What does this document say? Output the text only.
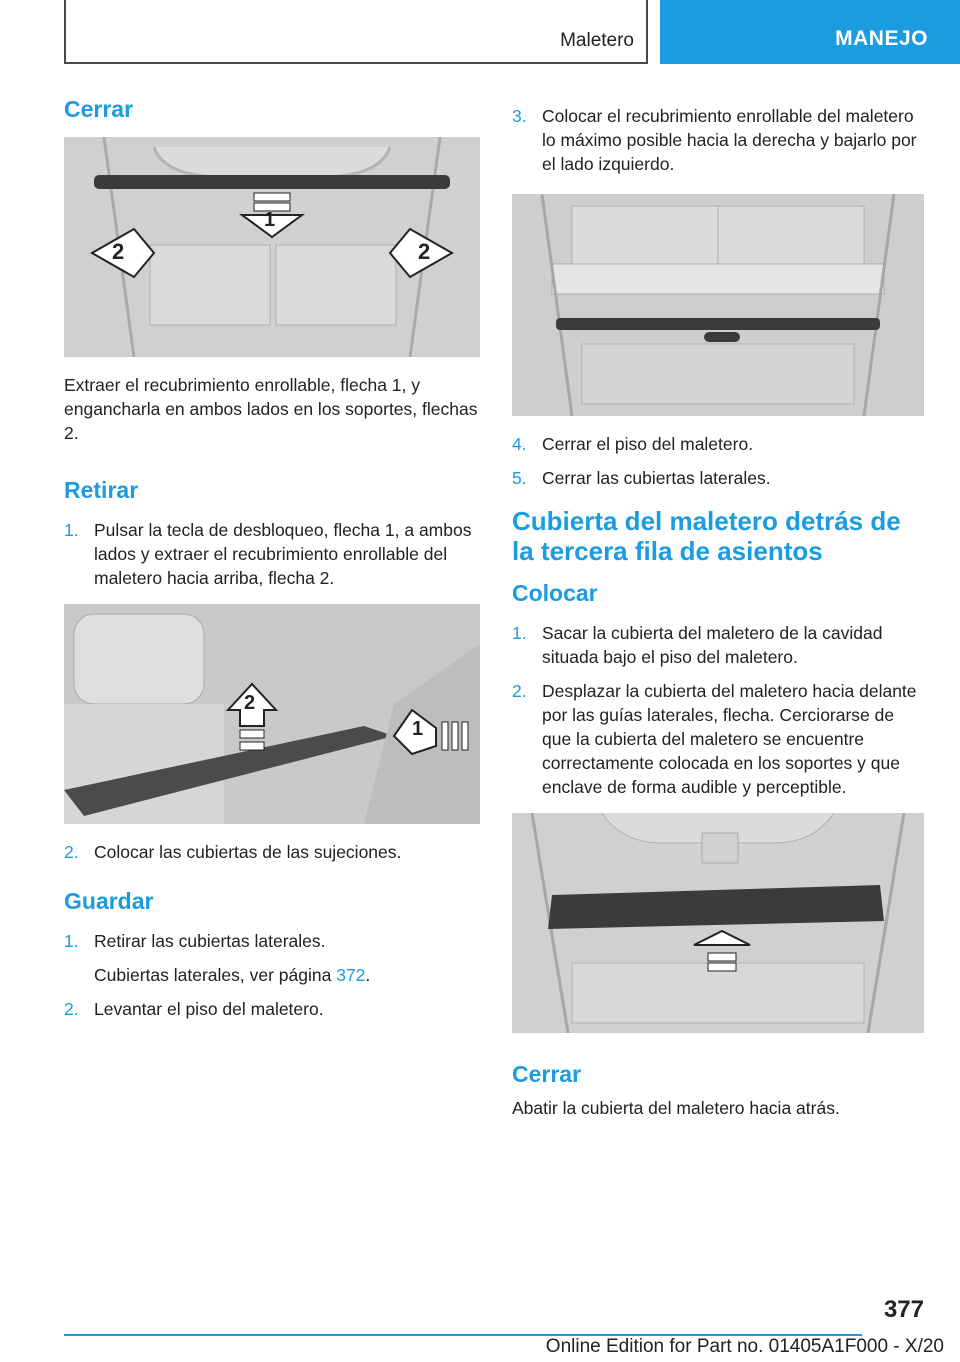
Maletero	MANEJO
Cerrar
1
2	2

Extraer el recubrimiento enrollable, flecha 1, y engancharla en ambos lados en los soportes, flechas 2.

Retirar
1. Pulsar la tecla de desbloqueo, flecha 1, a ambos lados y extraer el recubrimiento enrollable del maletero hacia arriba, flecha 2.
2
1
2. Colocar las cubiertas de las sujeciones.
Guardar
1. Retirar las cubiertas laterales.
Cubiertas laterales, ver página 372.
2. Levantar el piso del maletero.
3. Colocar el recubrimiento enrollable del maletero lo máximo posible hacia la derecha y bajarlo por el lado izquierdo.
4. Cerrar el piso del maletero.
5. Cerrar las cubiertas laterales.
Cubierta del maletero detrás de la tercera fila de asientos
Colocar
1. Sacar la cubierta del maletero de la cavidad situada bajo el piso del maletero.
2. Desplazar la cubierta del maletero hacia delante por las guías laterales, flecha. Cerciorarse de que la cubierta del maletero se encuentre correctamente colocada en los soportes y que enclave de forma audible y perceptible.
Cerrar

Abatir la cubierta del maletero hacia atrás.

377
Online Edition for Part no. 01405A1F000 - X/20
